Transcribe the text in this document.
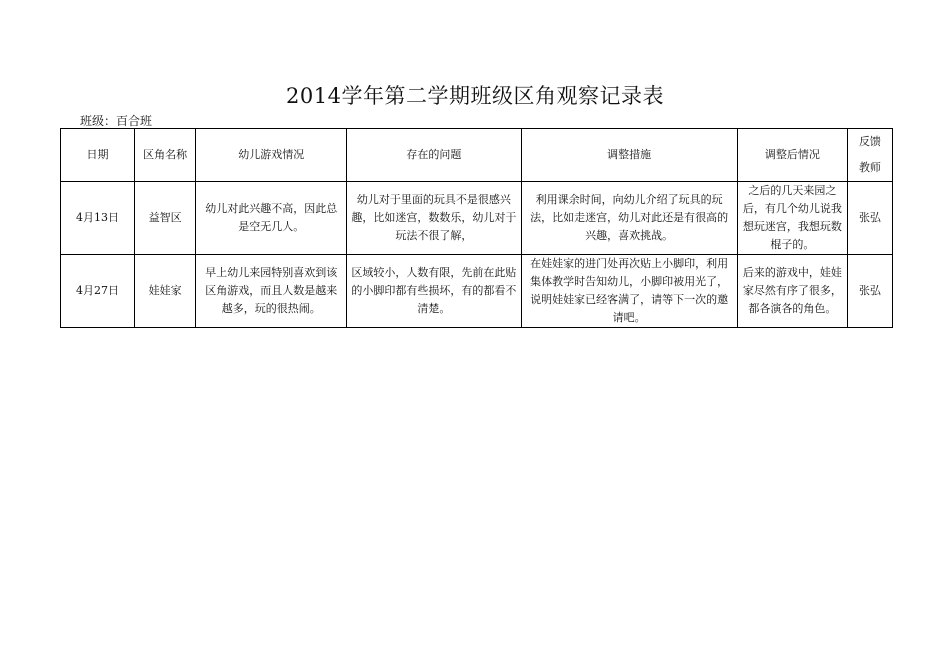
2014学年第二学期班级区角观察记录表
班级：百合班
日期	区角名称	幼儿游戏情况	存在的问题	调整措施	调整后情况	反馈
教师

4月13日	益智区	幼儿对此兴趣不高，因此总是空无几人。	幼儿对于里面的玩具不是很感兴趣，比如迷宫，数数乐，幼儿对于玩法不很了解，	利用课余时间，向幼儿介绍了玩具的玩法，比如走迷宫，幼儿对此还是有很高的兴趣，喜欢挑战。	之后的几天来园之后，有几个幼儿说我想玩迷宫，我想玩数棍子的。	张弘
4月27日	娃娃家	早上幼儿来园特别喜欢到该区角游戏，而且人数是越来越多，玩的很热闹。	区域较小，人数有限，先前在此贴的小脚印都有些损坏，有的都看不清楚。	在娃娃家的进门处再次贴上小脚印，利用集体教学时告知幼儿，小脚印被用光了，说明娃娃家已经客满了，请等下一次的邀请吧。	后来的游戏中，娃娃家尽然有序了很多，都各演各的角色。	张弘
